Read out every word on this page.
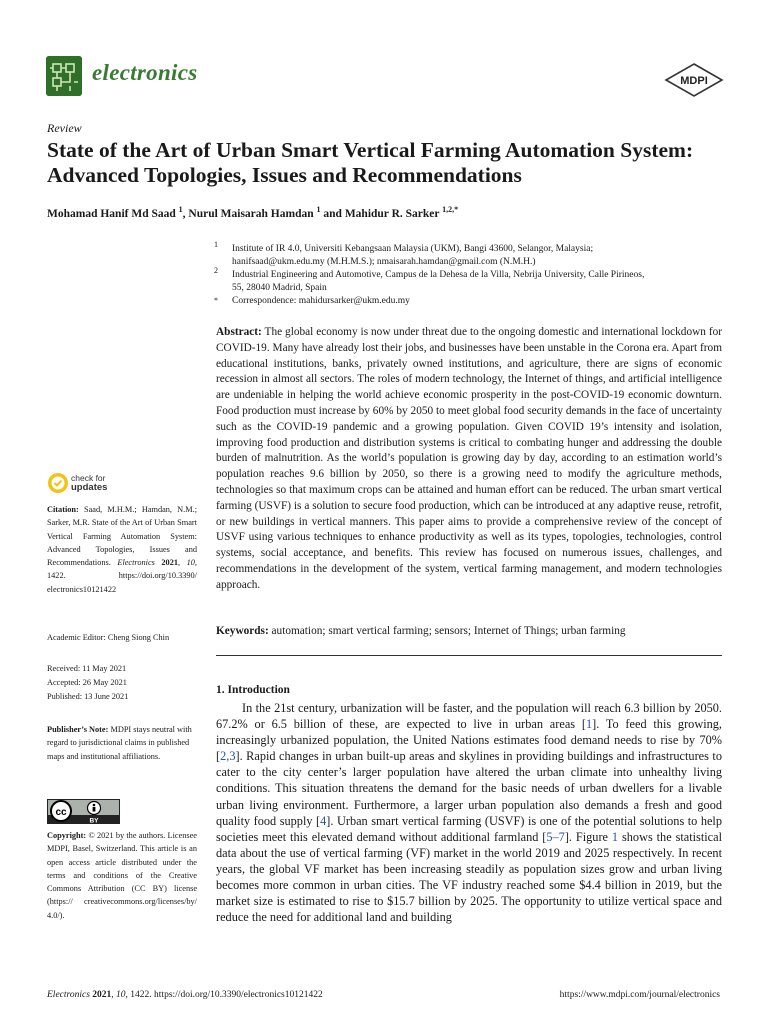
electronics	MDPI
Review
State of the Art of Urban Smart Vertical Farming Automation System: Advanced Topologies, Issues and Recommendations
Mohamad Hanif Md Saad $^1$, Nurul Maisarah Hamdan $^1$ and Mahidur R. Sarker $^{1,2,*}$
1 Institute of IR 4.0, Universiti Kebangsaan Malaysia (UKM), Bangi 43600, Selangor, Malaysia;
hanifsaad@ukm.edu.my (M.H.M.S.); nmaisarah.hamdan@gmail.com (N.M.H.)
2 Industrial Engineering and Automotive, Campus de la Dehesa de la Villa, Nebrija University, Calle Pirineos,
55, 28040 Madrid, Spain
* Correspondence: mahidursarker@ukm.edu.my
Abstract: The global economy is now under threat due to the ongoing domestic and international lockdown for COVID-19. Many have already lost their jobs, and businesses have been unstable in the Corona era. Apart from educational institutions, banks, privately owned institutions, and agriculture, there are signs of economic recession in almost all sectors. The roles of modern technology, the Internet of things, and artificial intelligence are undeniable in helping the world achieve economic prosperity in the post-COVID-19 economic downturn. Food production must increase by 60% by 2050 to meet global food security demands in the face of uncertainty such as the COVID-19 pandemic and a growing population. Given COVID 19’s intensity and isolation, improving food production and distribution systems is critical to combating hunger and addressing the double burden of malnutrition. As the world’s population is growing day by day, according to an estimation world’s population reaches 9.6 billion by 2050, so there is a growing need to modify the agriculture methods, technologies so that maximum crops can be attained and human effort can be reduced. The urban smart vertical farming (USVF) is a solution to secure food production, which can be introduced at any adaptive reuse, retrofit, or new buildings in vertical manners. This paper aims to provide a comprehensive review of the concept of USVF using various techniques to enhance productivity as well as its types, topologies, technologies, control systems, social acceptance, and benefits. This review has focused on numerous issues, challenges, and recommendations in the development of the system, vertical farming management, and modern technologies approach.
Keywords: automation; smart vertical farming; sensors; Internet of Things; urban farming
check for
updates
Citation: Saad, M.H.M.; Hamdan, N.M.; Sarker, M.R. State of the Art of Urban Smart Vertical Farming Automation System: Advanced Topologies, Issues and Recommendations. Electronics 2021, 10, 1422. https://doi.org/10.3390/ electronics10121422
Academic Editor: Cheng Siong Chin
Received: 11 May 2021
Accepted: 26 May 2021
Published: 13 June 2021
Publisher’s Note: MDPI stays neutral with regard to jurisdictional claims in published maps and institutional affiliations.
cc
BY
Copyright: © 2021 by the authors. Licensee MDPI, Basel, Switzerland. This article is an open access article distributed under the terms and conditions of the Creative Commons Attribution (CC BY) license (https:// creativecommons.org/licenses/by/ 4.0/).
1. Introduction
In the 21st century, urbanization will be faster, and the population will reach 6.3 billion by 2050. 67.2% or 6.5 billion of these, are expected to live in urban areas [1]. To feed this growing, increasingly urbanized population, the United Nations estimates food demand needs to rise by 70% [2,3]. Rapid changes in urban built-up areas and skylines in providing buildings and infrastructures to cater to the city center’s larger population have altered the urban climate into unhealthy living conditions. This situation threatens the demand for the basic needs of urban dwellers for a livable urban living environment. Furthermore, a larger urban population also demands a fresh and good quality food supply [4]. Urban smart vertical farming (USVF) is one of the potential solutions to help societies meet this elevated demand without additional farmland [5–7]. Figure 1 shows the statistical data about the use of vertical farming (VF) market in the world 2019 and 2025 respectively. In recent years, the global VF market has been increasing steadily as population sizes grow and urban living becomes more common in urban cities. The VF industry reached some $4.4 billion in 2019, but the market size is estimated to rise to $15.7 billion by 2025. The opportunity to utilize vertical space and reduce the need for additional land and building
Electronics 2021, 10, 1422. https://doi.org/10.3390/electronics10121422	https://www.mdpi.com/journal/electronics
